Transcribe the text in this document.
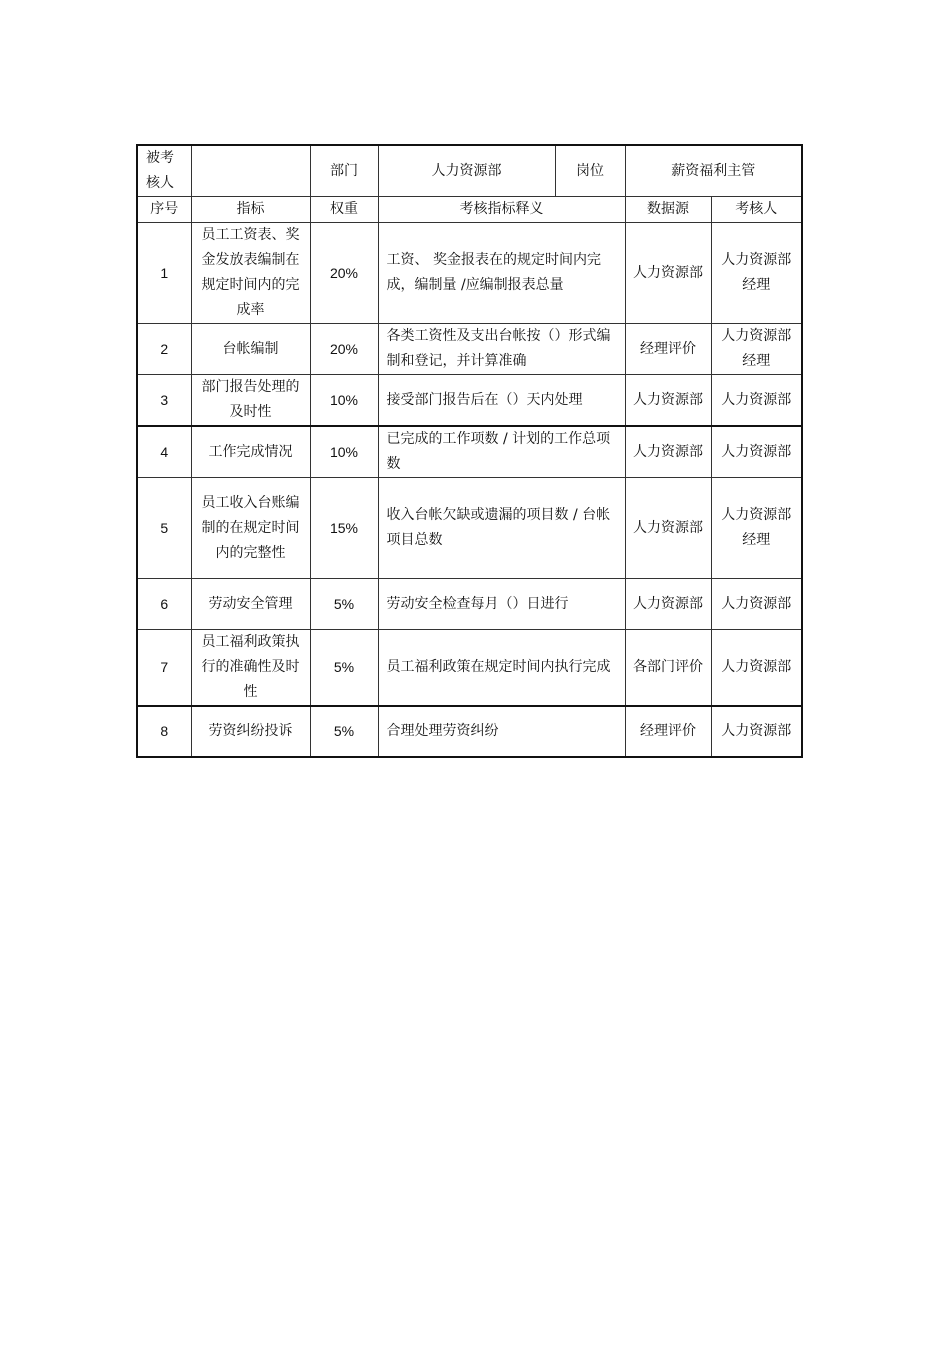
被考核人		部门	人力资源部	岗位	薪资福利主管	
序号	指标	权重	考核指标释义		数据源	考核人
1	员工工资表、奖金发放表编制在规定时间内的完成率	20%	工资、 奖金报表在的规定时间内完成，编制量 /应编制报表总量		人力资源部	人力资源部经理
2	台帐编制	20%	各类工资性及支出台帐按（）形式编制和登记，并计算准确		经理评价	人力资源部经理
3	部门报告处理的及时性	10%	接受部门报告后在（）天内处理		人力资源部	人力资源部
4	工作完成情况	10%	已完成的工作项数 / 计划的工作总项数		人力资源部	人力资源部
5	员工收入台账编制的在规定时间内的完整性	15%	收入台帐欠缺或遗漏的项目数 / 台帐项目总数		人力资源部	人力资源部经理
6	劳动安全管理	5%	劳动安全检查每月（）日进行		人力资源部	人力资源部
7	员工福利政策执行的准确性及时性	5%	员工福利政策在规定时间内执行完成		各部门评价	人力资源部
8	劳资纠纷投诉	5%	合理处理劳资纠纷		经理评价	人力资源部
